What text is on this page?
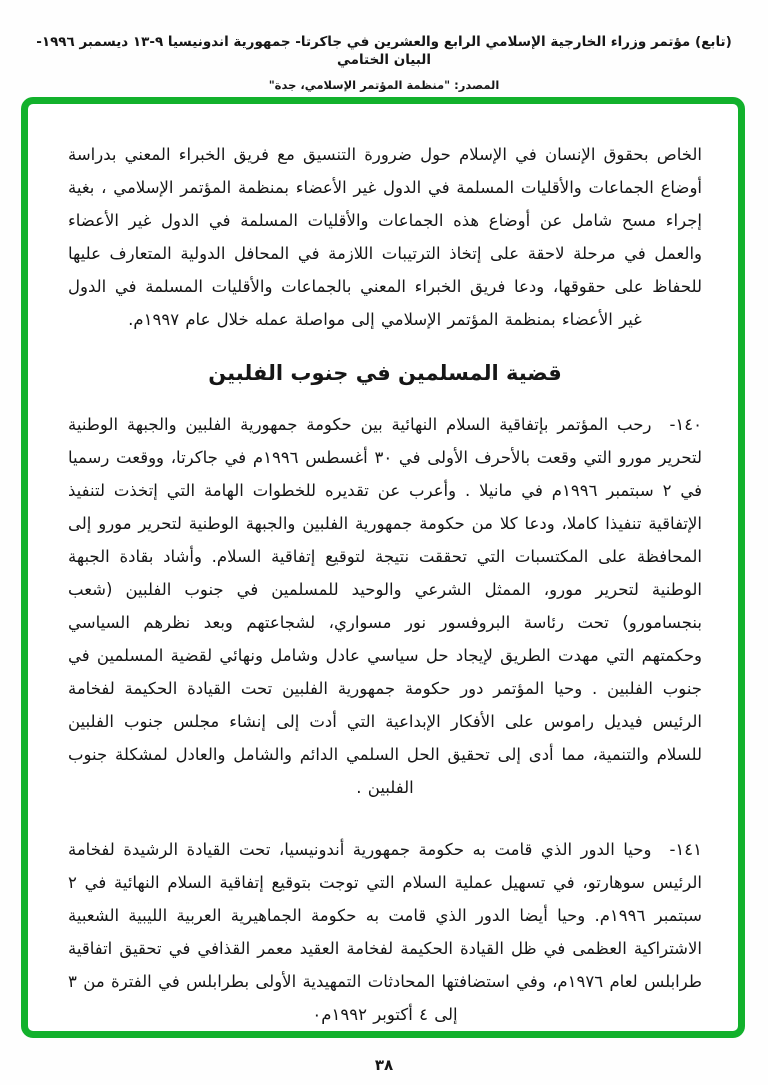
(تابع) مؤتمر وزراء الخارجية الإسلامي الرابع والعشرين في جاكرتا- جمهورية اندونيسيا ٩-١٣ ديسمبر ١٩٩٦-البيان الختامي
المصدر: "منظمة المؤتمر الإسلامي، جدة"

الخاص بحقوق الإنسان في الإسلام حول ضرورة التنسيق مع فريق الخبراء المعني بدراسة أوضاع الجماعات والأقليات المسلمة في الدول غير الأعضاء بمنظمة المؤتمر الإسلامي ، بغية إجراء مسح شامل عن أوضاع هذه الجماعات والأقليات المسلمة في الدول غير الأعضاء والعمل في مرحلة لاحقة على إتخاذ الترتيبات اللازمة في المحافل الدولية المتعارف عليها للحفاظ على حقوقها، ودعا فريق الخبراء المعني بالجماعات والأقليات المسلمة في الدول غير الأعضاء بمنظمة المؤتمر الإسلامي إلى مواصلة عمله خلال عام ١٩٩٧م.

قضية المسلمين في جنوب الفلبين

١٤٠-رحب المؤتمر بإتفاقية السلام النهائية بين حكومة جمهورية الفلبين والجبهة الوطنية لتحرير مورو التي وقعت بالأحرف الأولى في ٣٠ أغسطس ١٩٩٦م في جاكرتا، ووقعت رسميا في ٢ سبتمبر ١٩٩٦م في مانيلا . وأعرب عن تقديره للخطوات الهامة التي إتخذت لتنفيذ الإتفاقية تنفيذا كاملا، ودعا كلا من حكومة جمهورية الفلبين والجبهة الوطنية لتحرير مورو إلى المحافظة على المكتسبات التي تحققت نتيجة لتوقيع إتفاقية السلام. وأشاد بقادة الجبهة الوطنية لتحرير مورو، الممثل الشرعي والوحيد للمسلمين في جنوب الفلبين (شعب بنجسامورو) تحت رئاسة البروفسور نور مسواري، لشجاعتهم وبعد نظرهم السياسي وحكمتهم التي مهدت الطريق لإيجاد حل سياسي عادل وشامل ونهائي لقضية المسلمين في جنوب الفلبين . وحيا المؤتمر دور حكومة جمهورية الفلبين تحت القيادة الحكيمة لفخامة الرئيس فيديل راموس على الأفكار الإبداعية التي أدت إلى إنشاء مجلس جنوب الفلبين للسلام والتنمية، مما أدى إلى تحقيق الحل السلمي الدائم والشامل والعادل لمشكلة جنوب الفلبين .

١٤١-وحيا الدور الذي قامت به حكومة جمهورية أندونيسيا، تحت القيادة الرشيدة لفخامة الرئيس سوهارتو، في تسهيل عملية السلام التي توجت بتوقيع إتفاقية السلام النهائية في ٢ سبتمبر ١٩٩٦م. وحيا أيضا الدور الذي قامت به حكومة الجماهيرية العربية الليبية الشعبية الاشتراكية العظمى في ظل القيادة الحكيمة لفخامة العقيد معمر القذافي في تحقيق اتفاقية طرابلس لعام ١٩٧٦م، وفي استضافتها المحادثات التمهيدية الأولى بطرابلس في الفترة من ٣ إلى ٤ أكتوبر ١٩٩٢م٠

٣٨
